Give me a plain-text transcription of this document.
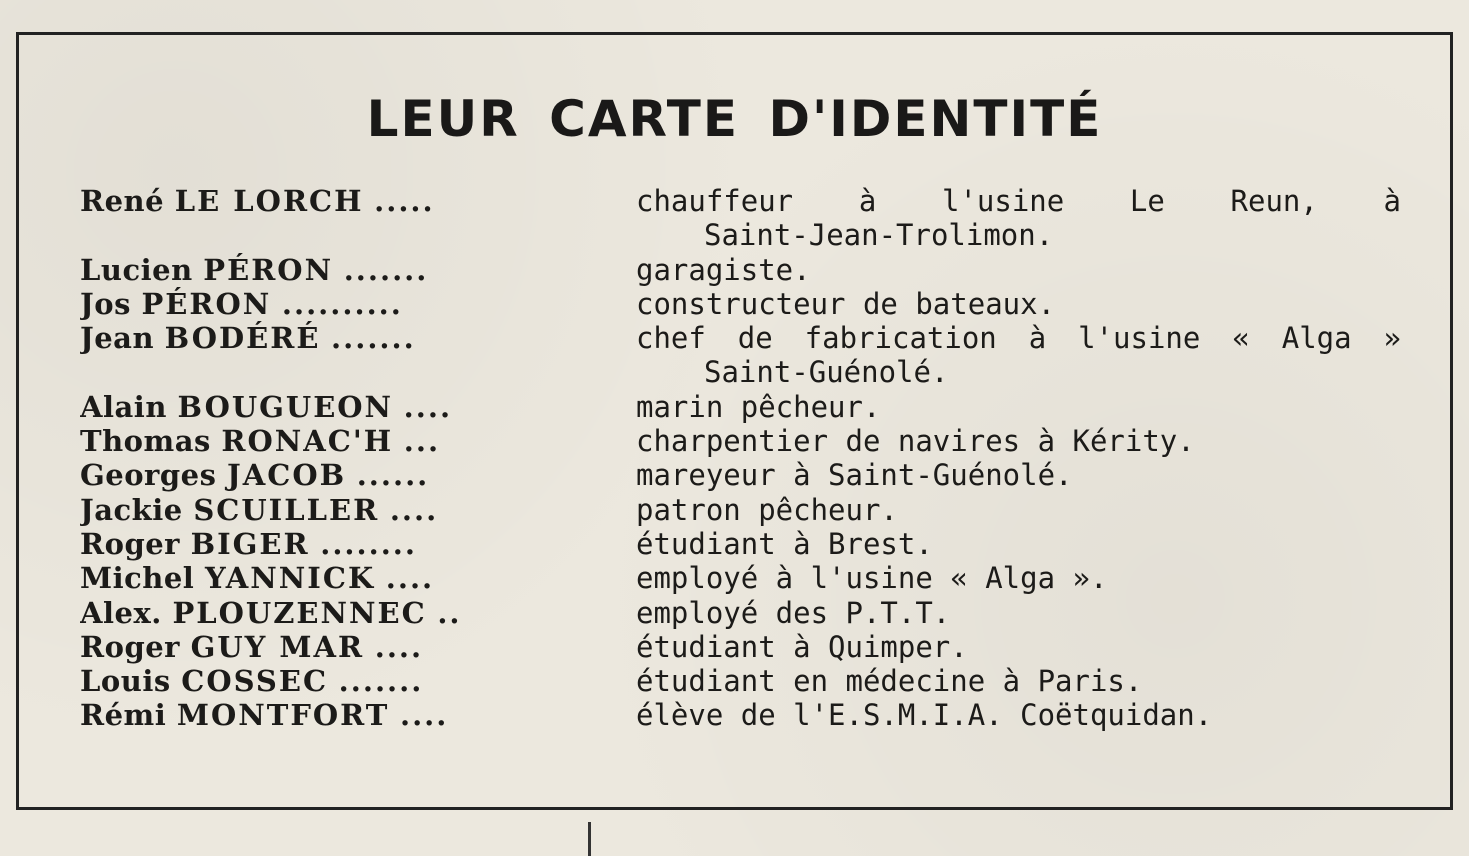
LEUR CARTE D'IDENTITÉ
René LE LORCH .....	chauffeur à l'usine Le Reun, à
Saint-Jean-Trolimon.
Lucien PÉRON .......	garagiste.
Jos PÉRON ..........	constructeur de bateaux.
Jean BODÉRÉ .......	chef de fabrication à l'usine « Alga »
Saint-Guénolé.
Alain BOUGUEON ....	marin pêcheur.
Thomas RONAC'H ...	charpentier de navires à Kérity.
Georges JACOB ......	mareyeur à Saint-Guénolé.
Jackie SCUILLER ....	patron pêcheur.
Roger BIGER ........	étudiant à Brest.
Michel YANNICK ....	employé à l'usine « Alga ».
Alex. PLOUZENNEC ..	employé des P.T.T.
Roger GUY MAR ....	étudiant à Quimper.
Louis COSSEC .......	étudiant en médecine à Paris.
Rémi MONTFORT ....	élève de l'E.S.M.I.A. Coëtquidan.
